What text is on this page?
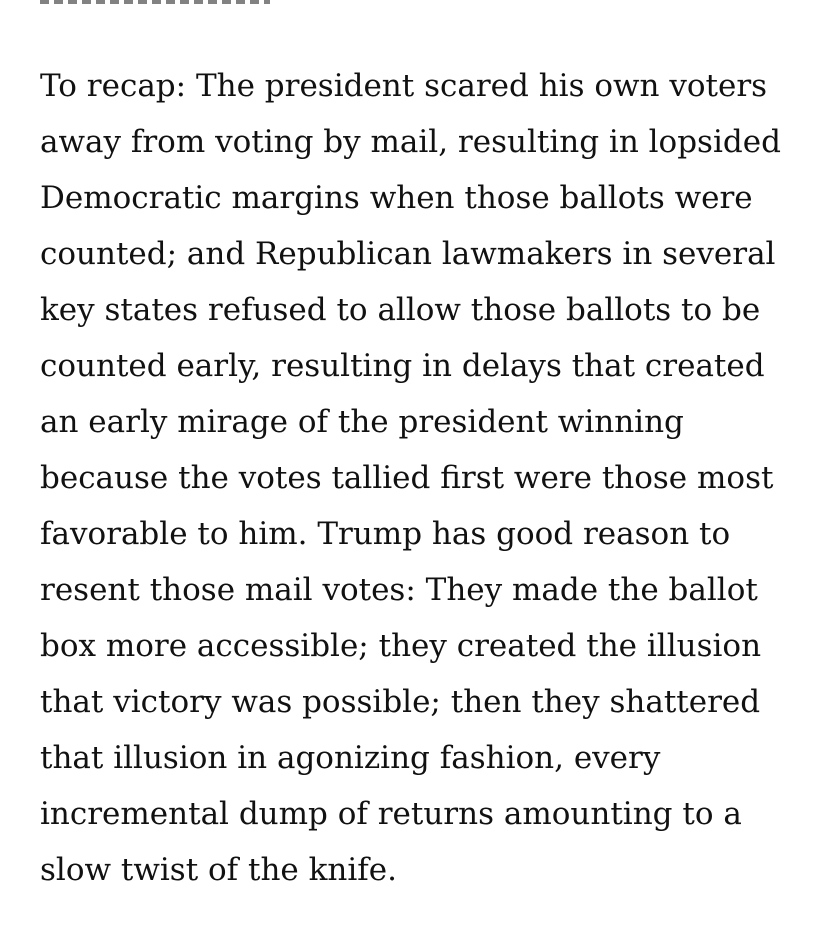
To recap: The president scared his own voters
away from voting by mail, resulting in lopsided
Democratic margins when those ballots were
counted; and Republican lawmakers in several
key states refused to allow those ballots to be
counted early, resulting in delays that created
an early mirage of the president winning
because the votes tallied first were those most
favorable to him. Trump has good reason to
resent those mail votes: They made the ballot
box more accessible; they created the illusion
that victory was possible; then they shattered
that illusion in agonizing fashion, every
incremental dump of returns amounting to a
slow twist of the knife.
